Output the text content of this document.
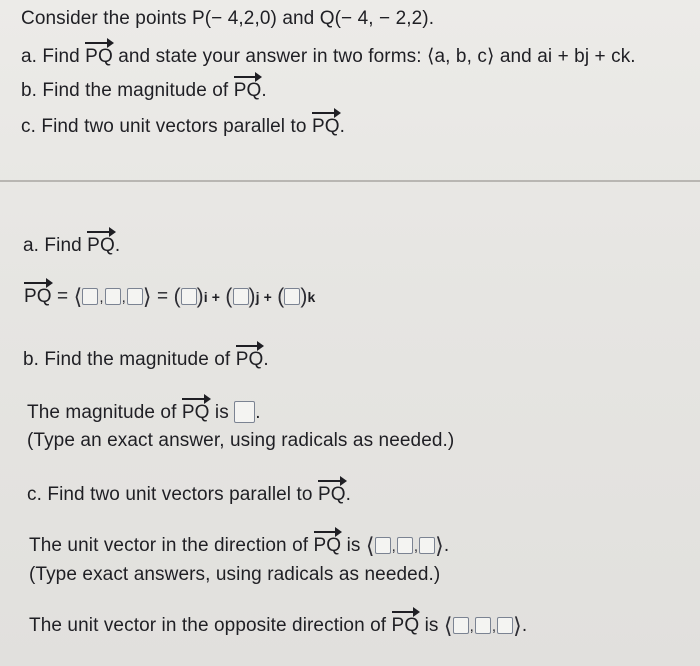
Consider the points P(− 4,2,0) and Q(− 4, − 2,2).
a. Find PQ and state your answer in two forms: ⟨a, b, c⟩ and ai + bj + ck.
b. Find the magnitude of PQ.
c. Find two unit vectors parallel to PQ.
a. Find PQ.
PQ = ⟨ , , ⟩ = ( )i + ( )j + ( )k
b. Find the magnitude of PQ.
The magnitude of PQ is .
(Type an exact answer, using radicals as needed.)
c. Find two unit vectors parallel to PQ.
The unit vector in the direction of PQ is ⟨ , , ⟩.
(Type exact answers, using radicals as needed.)
The unit vector in the opposite direction of PQ is ⟨ , , ⟩.
